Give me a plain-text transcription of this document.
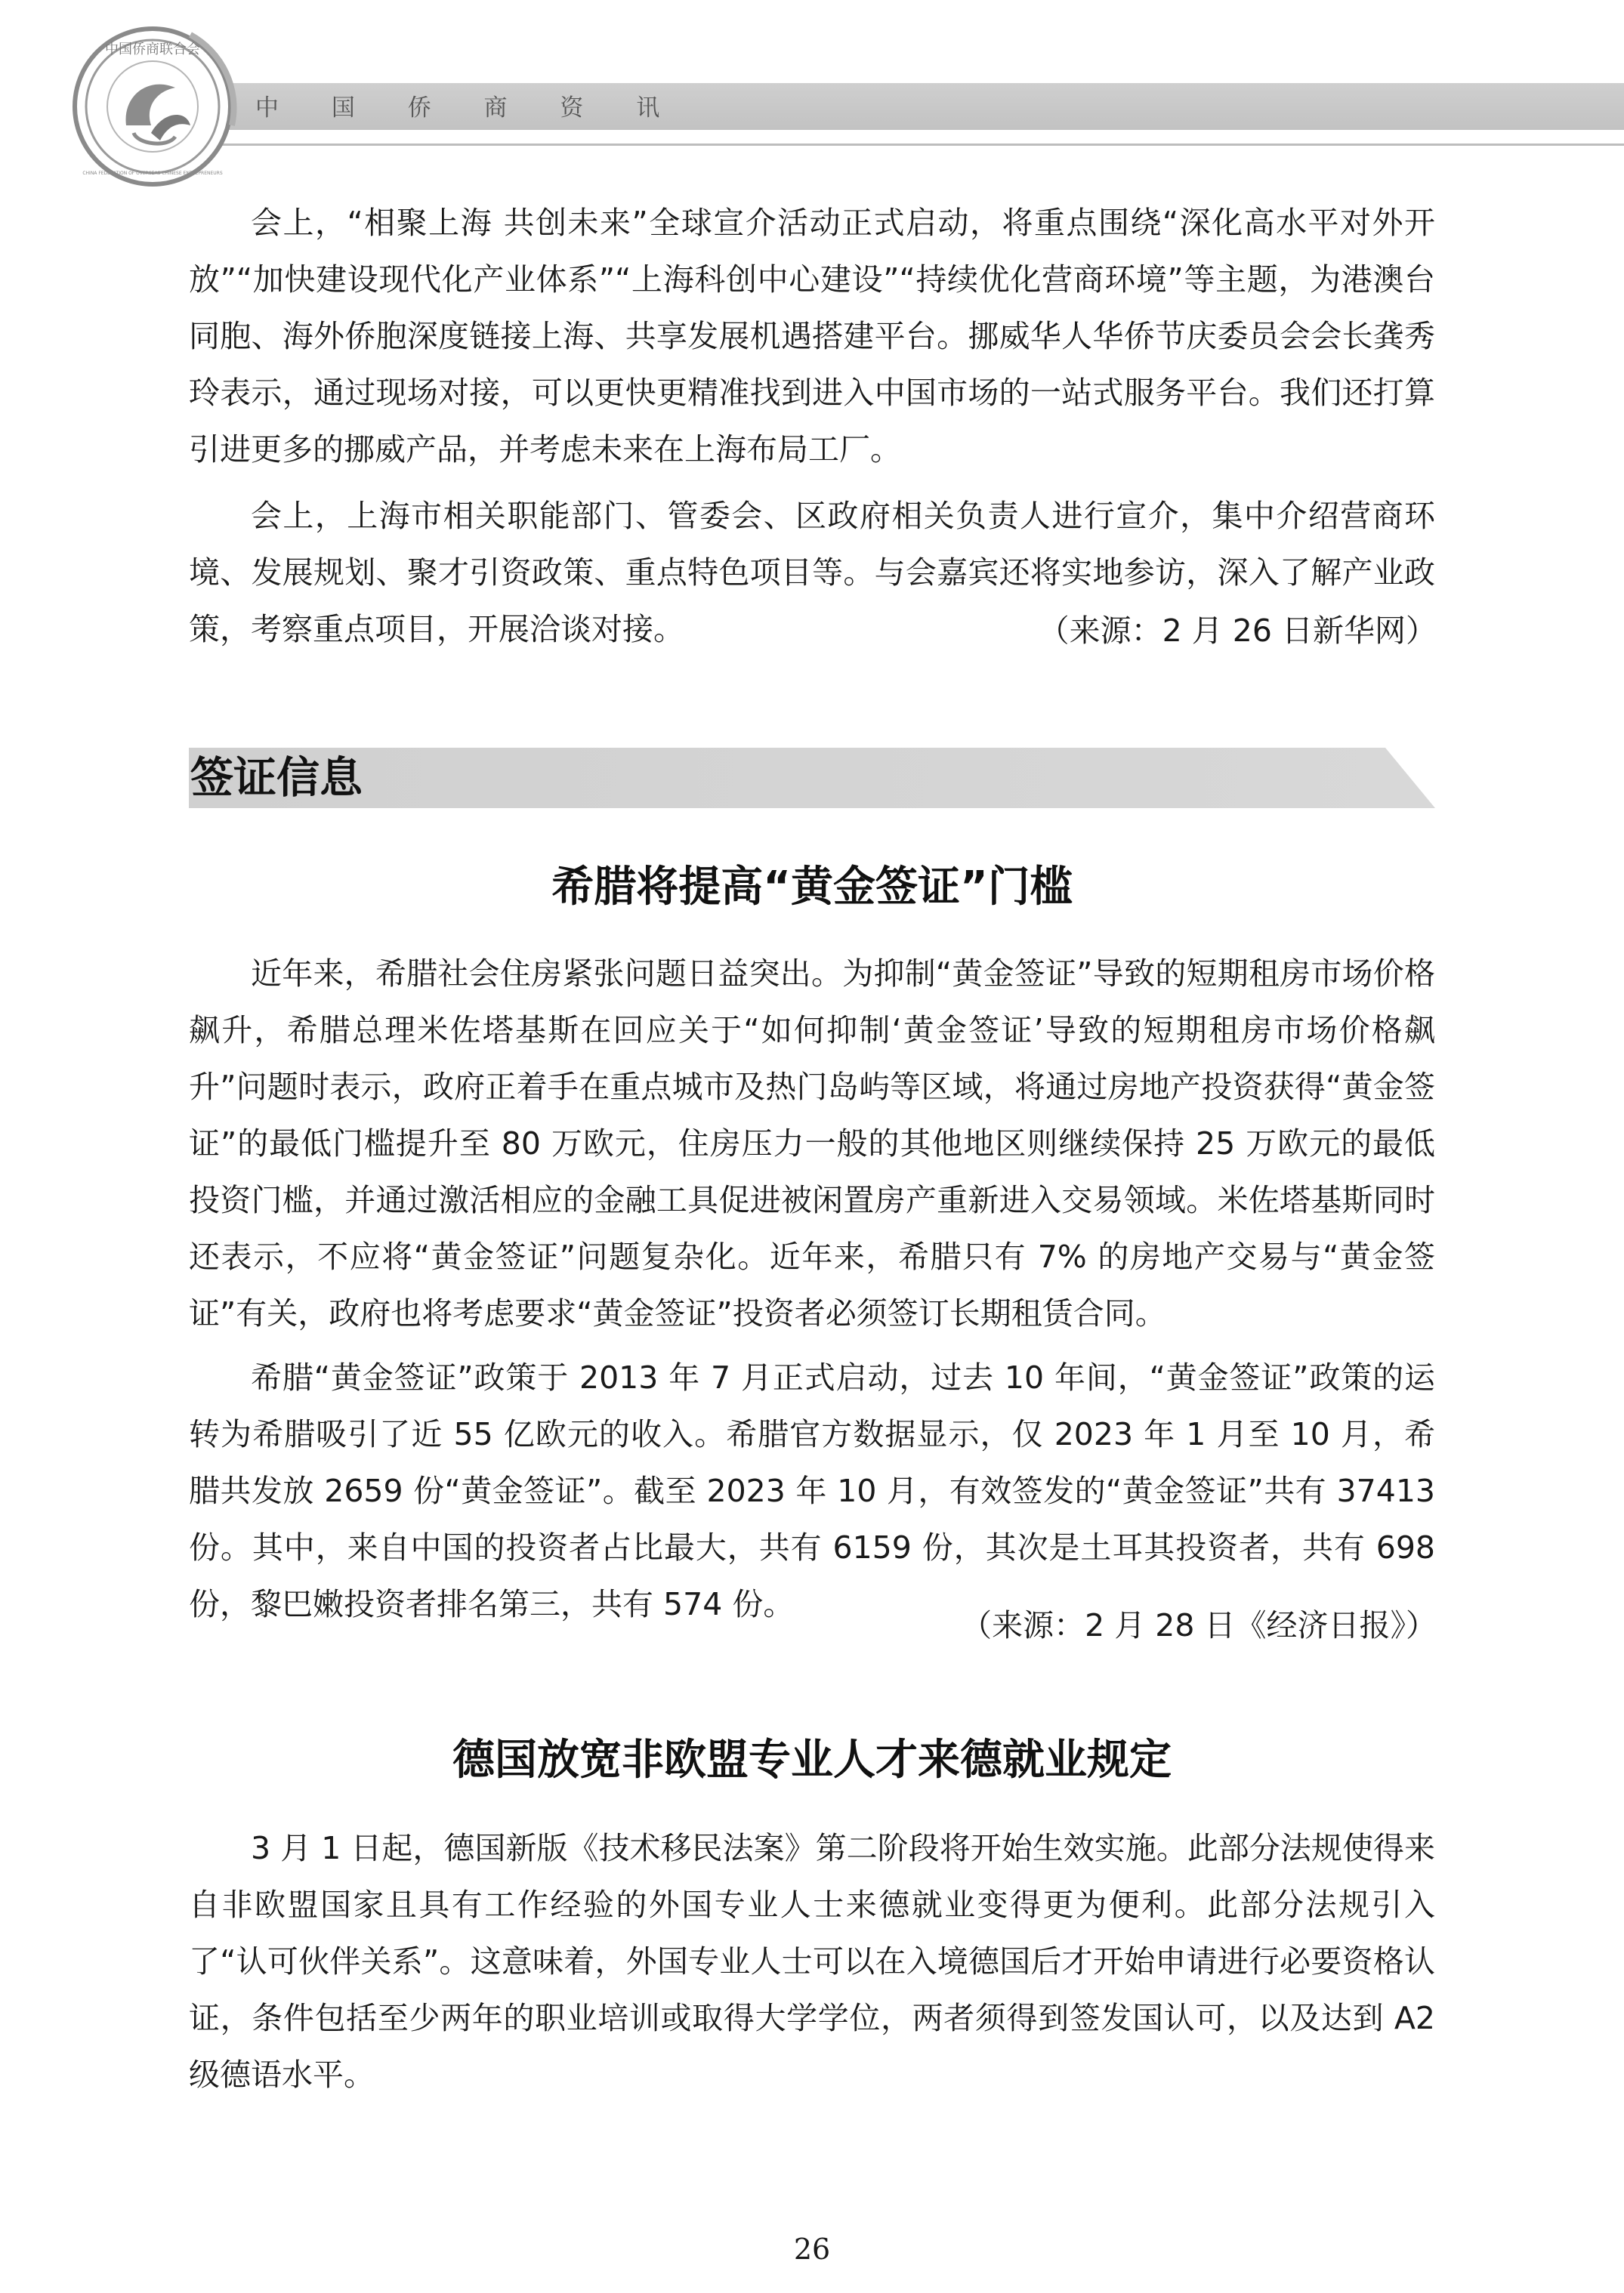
中国侨商联合会
CHINA FEDERATION OF OVERSEAS CHINESE ENTREPRENEURS
中 国 侨 商 资 讯

会上，“相聚上海 共创未来”全球宣介活动正式启动，将重点围绕“深化高水平对外开放”“加快建设现代化产业体系”“上海科创中心建设”“持续优化营商环境”等主题，为港澳台同胞、海外侨胞深度链接上海、共享发展机遇搭建平台。挪威华人华侨节庆委员会会长龚秀玲表示，通过现场对接，可以更快更精准找到进入中国市场的一站式服务平台。我们还打算引进更多的挪威产品，并考虑未来在上海布局工厂。

会上，上海市相关职能部门、管委会、区政府相关负责人进行宣介，集中介绍营商环境、发展规划、聚才引资政策、重点特色项目等。与会嘉宾还将实地参访，深入了解产业政策，考察重点项目，开展洽谈对接。	（来源：2 月 26 日新华网）
签证信息
希腊将提高“黄金签证”门槛

近年来，希腊社会住房紧张问题日益突出。为抑制“黄金签证”导致的短期租房市场价格飙升，希腊总理米佐塔基斯在回应关于“如何抑制‘黄金签证’导致的短期租房市场价格飙升”问题时表示，政府正着手在重点城市及热门岛屿等区域，将通过房地产投资获得“黄金签证”的最低门槛提升至 80 万欧元，住房压力一般的其他地区则继续保持 25 万欧元的最低投资门槛，并通过激活相应的金融工具促进被闲置房产重新进入交易领域。米佐塔基斯同时还表示，不应将“黄金签证”问题复杂化。近年来，希腊只有 7% 的房地产交易与“黄金签证”有关，政府也将考虑要求“黄金签证”投资者必须签订长期租赁合同。

希腊“黄金签证”政策于 2013 年 7 月正式启动，过去 10 年间，“黄金签证”政策的运转为希腊吸引了近 55 亿欧元的收入。希腊官方数据显示，仅 2023 年 1 月至 10 月，希腊共发放 2659 份“黄金签证”。截至 2023 年 10 月，有效签发的“黄金签证”共有 37413 份。其中，来自中国的投资者占比最大，共有 6159 份，其次是土耳其投资者，共有 698 份，黎巴嫩投资者排名第三，共有 574 份。

（来源：2 月 28 日《经济日报》）
德国放宽非欧盟专业人才来德就业规定

3 月 1 日起，德国新版《技术移民法案》第二阶段将开始生效实施。此部分法规使得来自非欧盟国家且具有工作经验的外国专业人士来德就业变得更为便利。此部分法规引入了“认可伙伴关系”。这意味着，外国专业人士可以在入境德国后才开始申请进行必要资格认证，条件包括至少两年的职业培训或取得大学学位，两者须得到签发国认可，以及达到 A2 级德语水平。

26
